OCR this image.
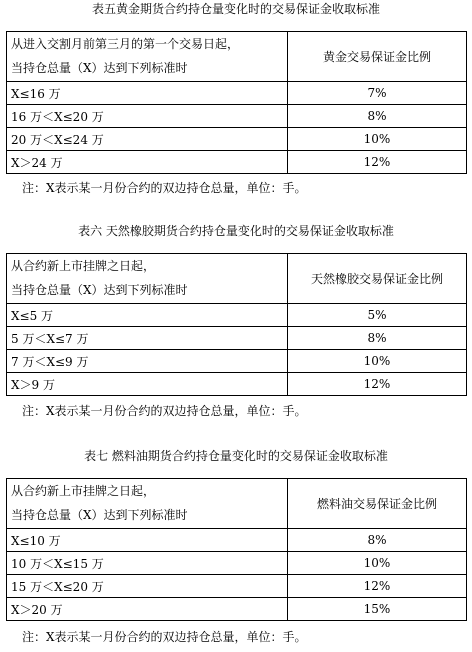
表五黄金期货合约持仓量变化时的交易保证金收取标准
从进入交割月前第三月的第一个交易日起，
当持仓总量（X）达到下列标准时	黄金交易保证金比例
X≤16 万	7%
16 万＜X≤20 万	8%
20 万＜X≤24 万	10%
X＞24 万	12%
注：X表示某一月份合约的双边持仓总量，单位：手。
表六 天然橡胶期货合约持仓量变化时的交易保证金收取标准
从合约新上市挂牌之日起，
当持仓总量（X）达到下列标准时	天然橡胶交易保证金比例
X≤5 万	5%
5 万＜X≤7 万	8%
7 万＜X≤9 万	10%
X＞9 万	12%
注：X表示某一月份合约的双边持仓总量，单位：手。
表七 燃料油期货合约持仓量变化时的交易保证金收取标准
从合约新上市挂牌之日起，
当持仓总量（X）达到下列标准时	燃料油交易保证金比例
X≤10 万	8%
10 万＜X≤15 万	10%
15 万＜X≤20 万	12%
X＞20 万	15%
注：X表示某一月份合约的双边持仓总量，单位：手。
